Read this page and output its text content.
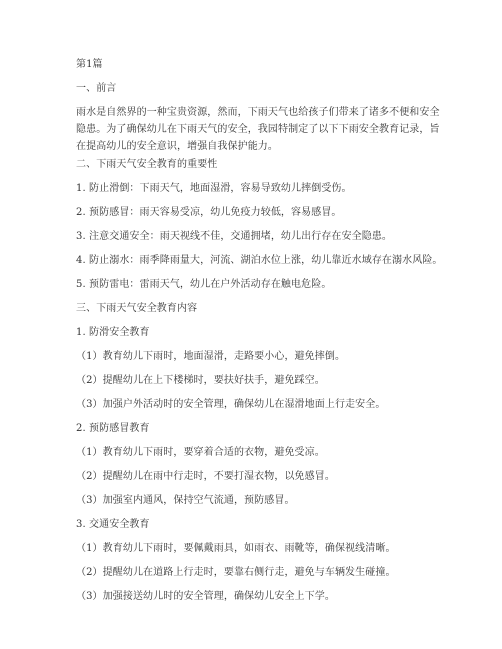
第1篇
一、前言
雨水是自然界的一种宝贵资源，然而，下雨天气也给孩子们带来了诸多不便和安全
隐患。为了确保幼儿在下雨天气的安全，我园特制定了以下下雨安全教育记录，旨
在提高幼儿的安全意识，增强自我保护能力。
二、下雨天气安全教育的重要性
1. 防止滑倒：下雨天气，地面湿滑，容易导致幼儿摔倒受伤。
2. 预防感冒：雨天容易受凉，幼儿免疫力较低，容易感冒。
3. 注意交通安全：雨天视线不佳，交通拥堵，幼儿出行存在安全隐患。
4. 防止溺水：雨季降雨量大，河流、湖泊水位上涨，幼儿靠近水域存在溺水风险。
5. 预防雷电：雷雨天气，幼儿在户外活动存在触电危险。
三、下雨天气安全教育内容
1. 防滑安全教育
（1）教育幼儿下雨时，地面湿滑，走路要小心，避免摔倒。
（2）提醒幼儿在上下楼梯时，要扶好扶手，避免踩空。
（3）加强户外活动时的安全管理，确保幼儿在湿滑地面上行走安全。
2. 预防感冒教育
（1）教育幼儿下雨时，要穿着合适的衣物，避免受凉。
（2）提醒幼儿在雨中行走时，不要打湿衣物，以免感冒。
（3）加强室内通风，保持空气流通，预防感冒。
3. 交通安全教育
（1）教育幼儿下雨时，要佩戴雨具，如雨衣、雨靴等，确保视线清晰。
（2）提醒幼儿在道路上行走时，要靠右侧行走，避免与车辆发生碰撞。
（3）加强接送幼儿时的安全管理，确保幼儿安全上下学。
